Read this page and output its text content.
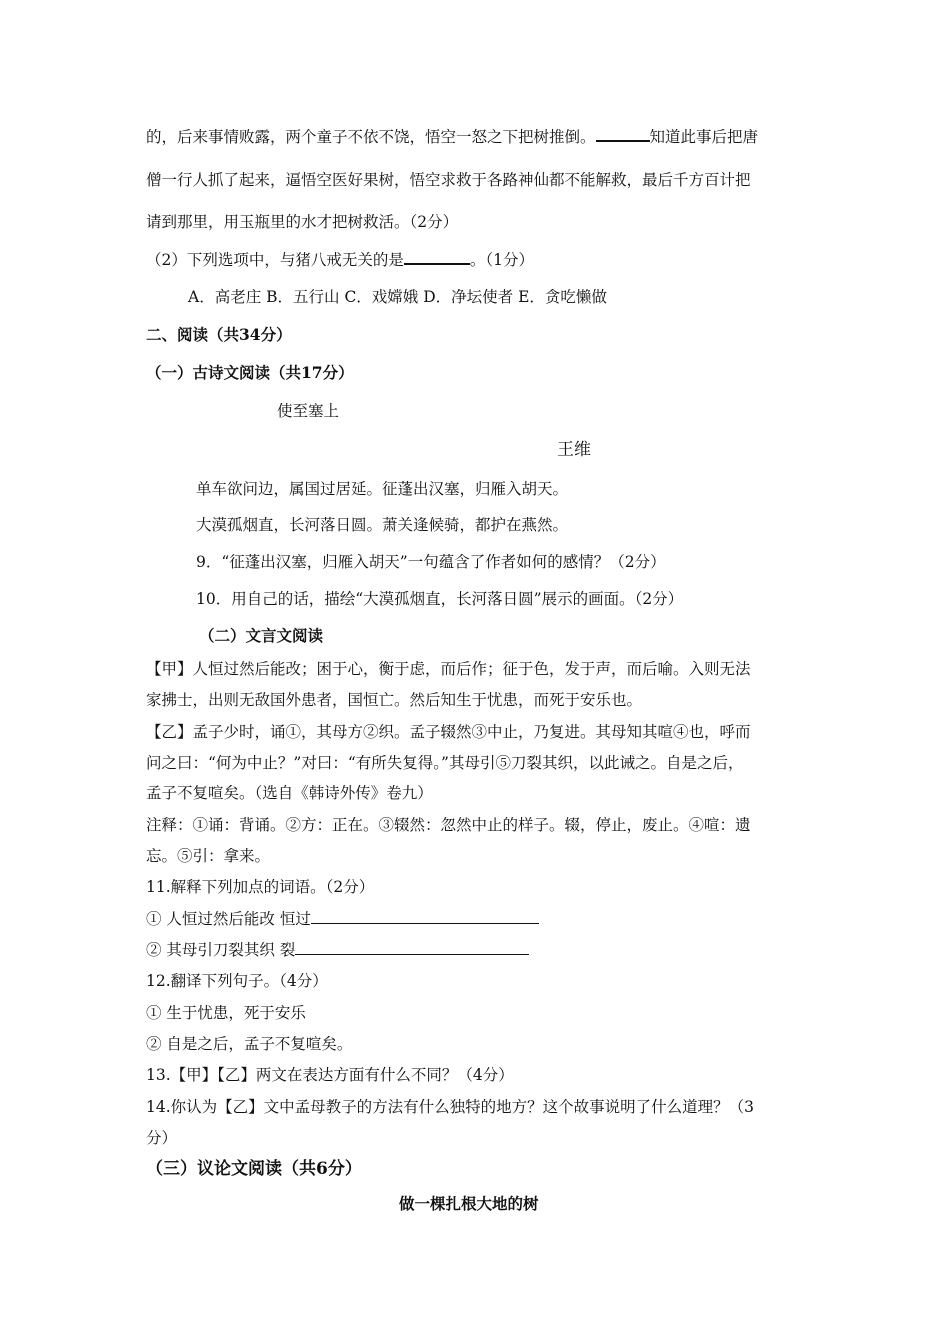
的，后来事情败露，两个童子不依不饶，悟空一怒之下把树推倒。	知道此事后把唐
僧一行人抓了起来，逼悟空医好果树，悟空求救于各路神仙都不能解救，最后千方百计把
请到那里，用玉瓶里的水才把树救活。（2分）
（2）下列选项中，与猪八戒无关的是	。（1分）
A．高老庄 B．五行山 C．戏嫦娥 D．净坛使者 E．贪吃懒做
二、阅读（共34分）
（一）古诗文阅读（共17分）
使至塞上
王维
单车欲问边，属国过居延。征蓬出汉塞，归雁入胡天。
大漠孤烟直，长河落日圆。萧关逢候骑，都护在燕然。
9．“征蓬出汉塞，归雁入胡天”一句蕴含了作者如何的感情？（2分）
10．用自己的话，描绘“大漠孤烟直，长河落日圆”展示的画面。（2分）
（二）文言文阅读
【甲】人恒过然后能改；困于心，衡于虑，而后作；征于色，发于声，而后喻。入则无法
家拂士，出则无敌国外患者，国恒亡。然后知生于忧患，而死于安乐也。
【乙】孟子少时，诵①，其母方②织。孟子辍然③中止，乃复进。其母知其喧④也，呼而
问之曰：“何为中止？”对曰：“有所失复得。”其母引⑤刀裂其织，以此诫之。自是之后，
孟子不复喧矣。（选自《韩诗外传》卷九）
注释：①诵：背诵。②方：正在。③辍然：忽然中止的样子。辍，停止，废止。④喧：遗
忘。⑤引：拿来。
11.解释下列加点的词语。（2分）
① 人恒过然后能改 恒过
② 其母引刀裂其织 裂
12.翻译下列句子。（4分）
① 生于忧患，死于安乐
② 自是之后，孟子不复喧矣。
13.【甲】【乙】两文在表达方面有什么不同？（4分）
14.你认为【乙】文中孟母教子的方法有什么独特的地方？这个故事说明了什么道理？（3
分）
（三）议论文阅读（共6分）
做一棵扎根大地的树
